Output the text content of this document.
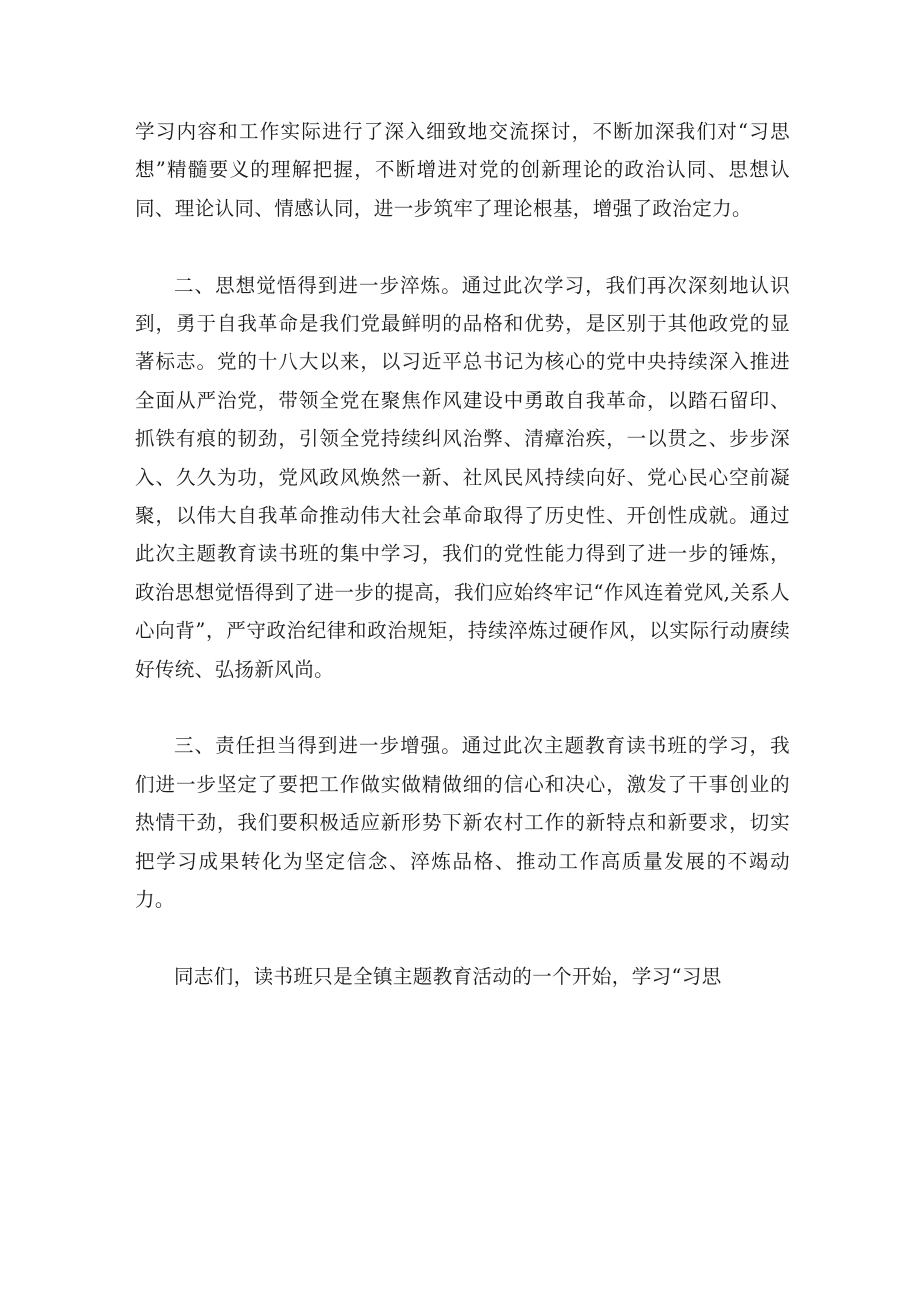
学习内容和工作实际进行了深入细致地交流探讨，不断加深我们对“习思想”精髓要义的理解把握，不断增进对党的创新理论的政治认同、思想认同、理论认同、情感认同，进一步筑牢了理论根基，增强了政治定力。

二、思想觉悟得到进一步淬炼。通过此次学习，我们再次深刻地认识到，勇于自我革命是我们党最鲜明的品格和优势，是区别于其他政党的显著标志。党的十八大以来，以习近平总书记为核心的党中央持续深入推进全面从严治党，带领全党在聚焦作风建设中勇敢自我革命，以踏石留印、抓铁有痕的韧劲，引领全党持续纠风治弊、清瘴治疾，一以贯之、步步深入、久久为功，党风政风焕然一新、社风民风持续向好、党心民心空前凝聚，以伟大自我革命推动伟大社会革命取得了历史性、开创性成就。通过此次主题教育读书班的集中学习，我们的党性能力得到了进一步的锤炼，政治思想觉悟得到了进一步的提高，我们应始终牢记“作风连着党风,关系人心向背”，严守政治纪律和政治规矩，持续淬炼过硬作风，以实际行动赓续好传统、弘扬新风尚。

三、责任担当得到进一步增强。通过此次主题教育读书班的学习，我们进一步坚定了要把工作做实做精做细的信心和决心，激发了干事创业的热情干劲，我们要积极适应新形势下新农村工作的新特点和新要求，切实把学习成果转化为坚定信念、淬炼品格、推动工作高质量发展的不竭动力。

同志们，读书班只是全镇主题教育活动的一个开始，学习“习思
